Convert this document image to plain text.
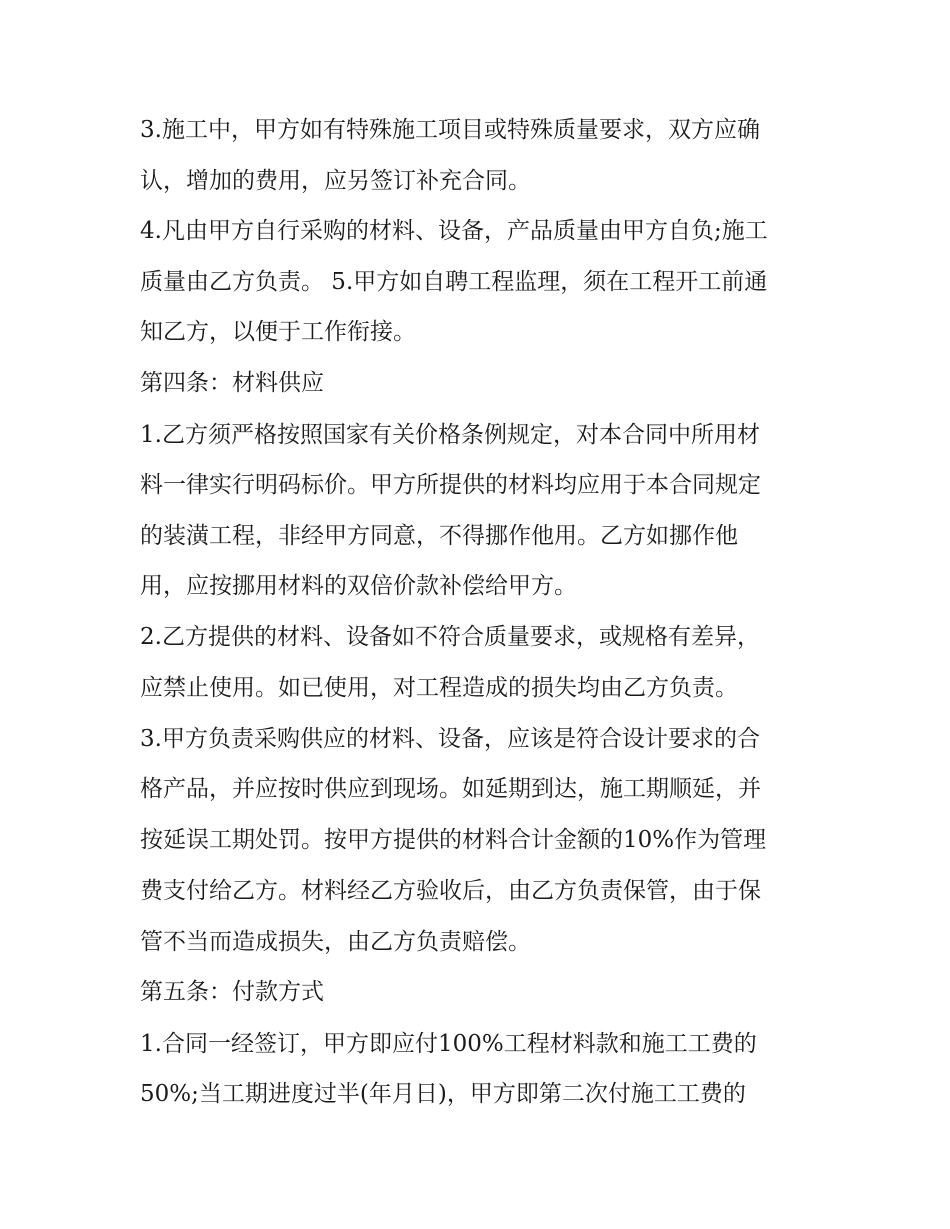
3.施工中，甲方如有特殊施工项目或特殊质量要求，双方应确
认，增加的费用，应另签订补充合同。
4.凡由甲方自行采购的材料、设备，产品质量由甲方自负;施工
质量由乙方负责。 5.甲方如自聘工程监理，须在工程开工前通
知乙方，以便于工作衔接。
第四条：材料供应
1.乙方须严格按照国家有关价格条例规定，对本合同中所用材
料一律实行明码标价。甲方所提供的材料均应用于本合同规定
的装潢工程，非经甲方同意，不得挪作他用。乙方如挪作他
用，应按挪用材料的双倍价款补偿给甲方。
2.乙方提供的材料、设备如不符合质量要求，或规格有差异，
应禁止使用。如已使用，对工程造成的损失均由乙方负责。
3.甲方负责采购供应的材料、设备，应该是符合设计要求的合
格产品，并应按时供应到现场。如延期到达，施工期顺延，并
按延误工期处罚。按甲方提供的材料合计金额的10%作为管理
费支付给乙方。材料经乙方验收后，由乙方负责保管，由于保
管不当而造成损失，由乙方负责赔偿。
第五条：付款方式
1.合同一经签订，甲方即应付100%工程材料款和施工工费的
50%;当工期进度过半(年月日)，甲方即第二次付施工工费的
